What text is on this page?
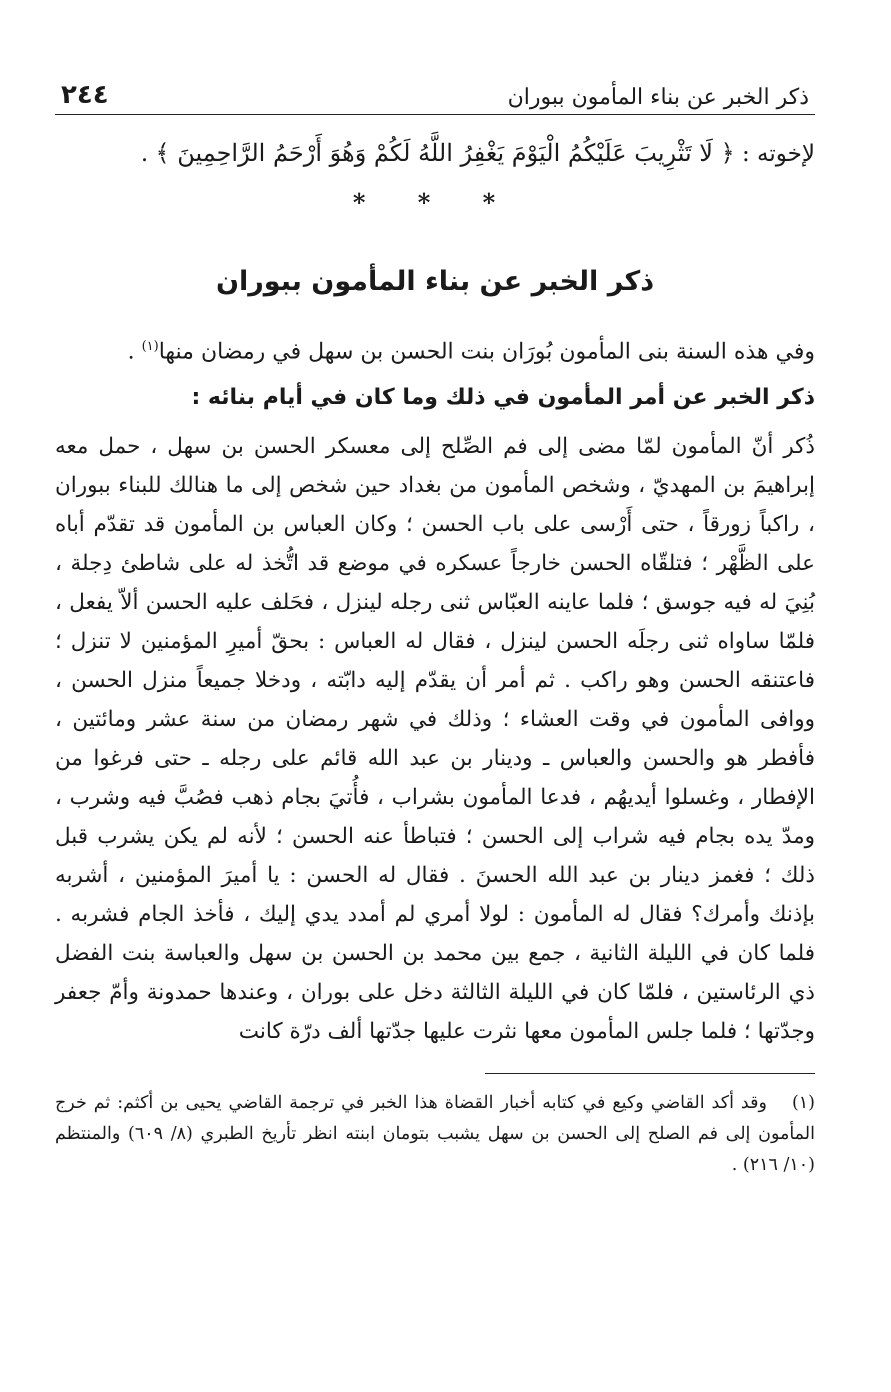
ذكر الخبر عن بناء المأمون ببوران
٢٤٤
لإخوته : ﴿ لَا تَثْرِيبَ عَلَيْكُمُ الْيَوْمَ يَغْفِرُ اللَّهُ لَكُمْ وَهُوَ أَرْحَمُ الرَّاحِمِينَ ﴾ .
* * *
ذكر الخبر عن بناء المأمون ببوران
وفي هذه السنة بنى المأمون بُورَان بنت الحسن بن سهل في رمضان منها$^{(١)}$ .
ذكر الخبر عن أمر المأمون في ذلك وما كان في أيام بنائه :
ذُكر أنّ المأمون لمّا مضى إلى فم الصِّلح إلى معسكر الحسن بن سهل ، حمل معه إبراهيمَ بن المهديّ ، وشخص المأمون من بغداد حين شخص إلى ما هنالك للبناء ببوران ، راكباً زورقاً ، حتى أَرْسى على باب الحسن ؛ وكان العباس بن المأمون قد تقدّم أباه على الظَّهْر ؛ فتلقّاه الحسن خارجاً عسكره في موضع قد اتُّخذ له على شاطئ دِجلة ، بُنِيَ له فيه جوسق ؛ فلما عاينه العبّاس ثنى رجله لينزل ، فحَلف عليه الحسن ألاّ يفعل ، فلمّا ساواه ثنى رجلَه الحسن لينزل ، فقال له العباس : بحقّ أميرِ المؤمنين لا تنزل ؛ فاعتنقه الحسن وهو راكب . ثم أمر أن يقدّم إليه دابّته ، ودخلا جميعاً منزل الحسن ، ووافى المأمون في وقت العشاء ؛ وذلك في شهر رمضان من سنة عشر ومائتين ، فأفطر هو والحسن والعباس ـ ودينار بن عبد الله قائم على رجله ـ حتى فرغوا من الإفطار ، وغسلوا أيديهُم ، فدعا المأمون بشراب ، فأُتيَ بجام ذهب فصُبَّ فيه وشرب ، ومدّ يده بجام فيه شراب إلى الحسن ؛ فتباطأ عنه الحسن ؛ لأنه لم يكن يشرب قبل ذلك ؛ فغمز دينار بن عبد الله الحسنَ . فقال له الحسن : يا أميرَ المؤمنين ، أشربه بإذنك وأمرك؟ فقال له المأمون : لولا أمري لم أمدد يدي إليك ، فأخذ الجام فشربه . فلما كان في الليلة الثانية ، جمع بين محمد بن الحسن بن سهل والعباسة بنت الفضل ذي الرئاستين ، فلمّا كان في الليلة الثالثة دخل على بوران ، وعندها حمدونة وأمّ جعفر وجدّتها ؛ فلما جلس المأمون معها نثرت عليها جدّتها ألف درّة كانت
(١) وقد أكد القاضي وكيع في كتابه أخبار القضاة هذا الخبر في ترجمة القاضي يحيى بن أكثم: ثم خرج المأمون إلى فم الصلح إلى الحسن بن سهل يشبب بتومان ابنته انظر تأريخ الطبري (٨/ ٦٠٩) والمنتظم (١٠/ ٢١٦) .
